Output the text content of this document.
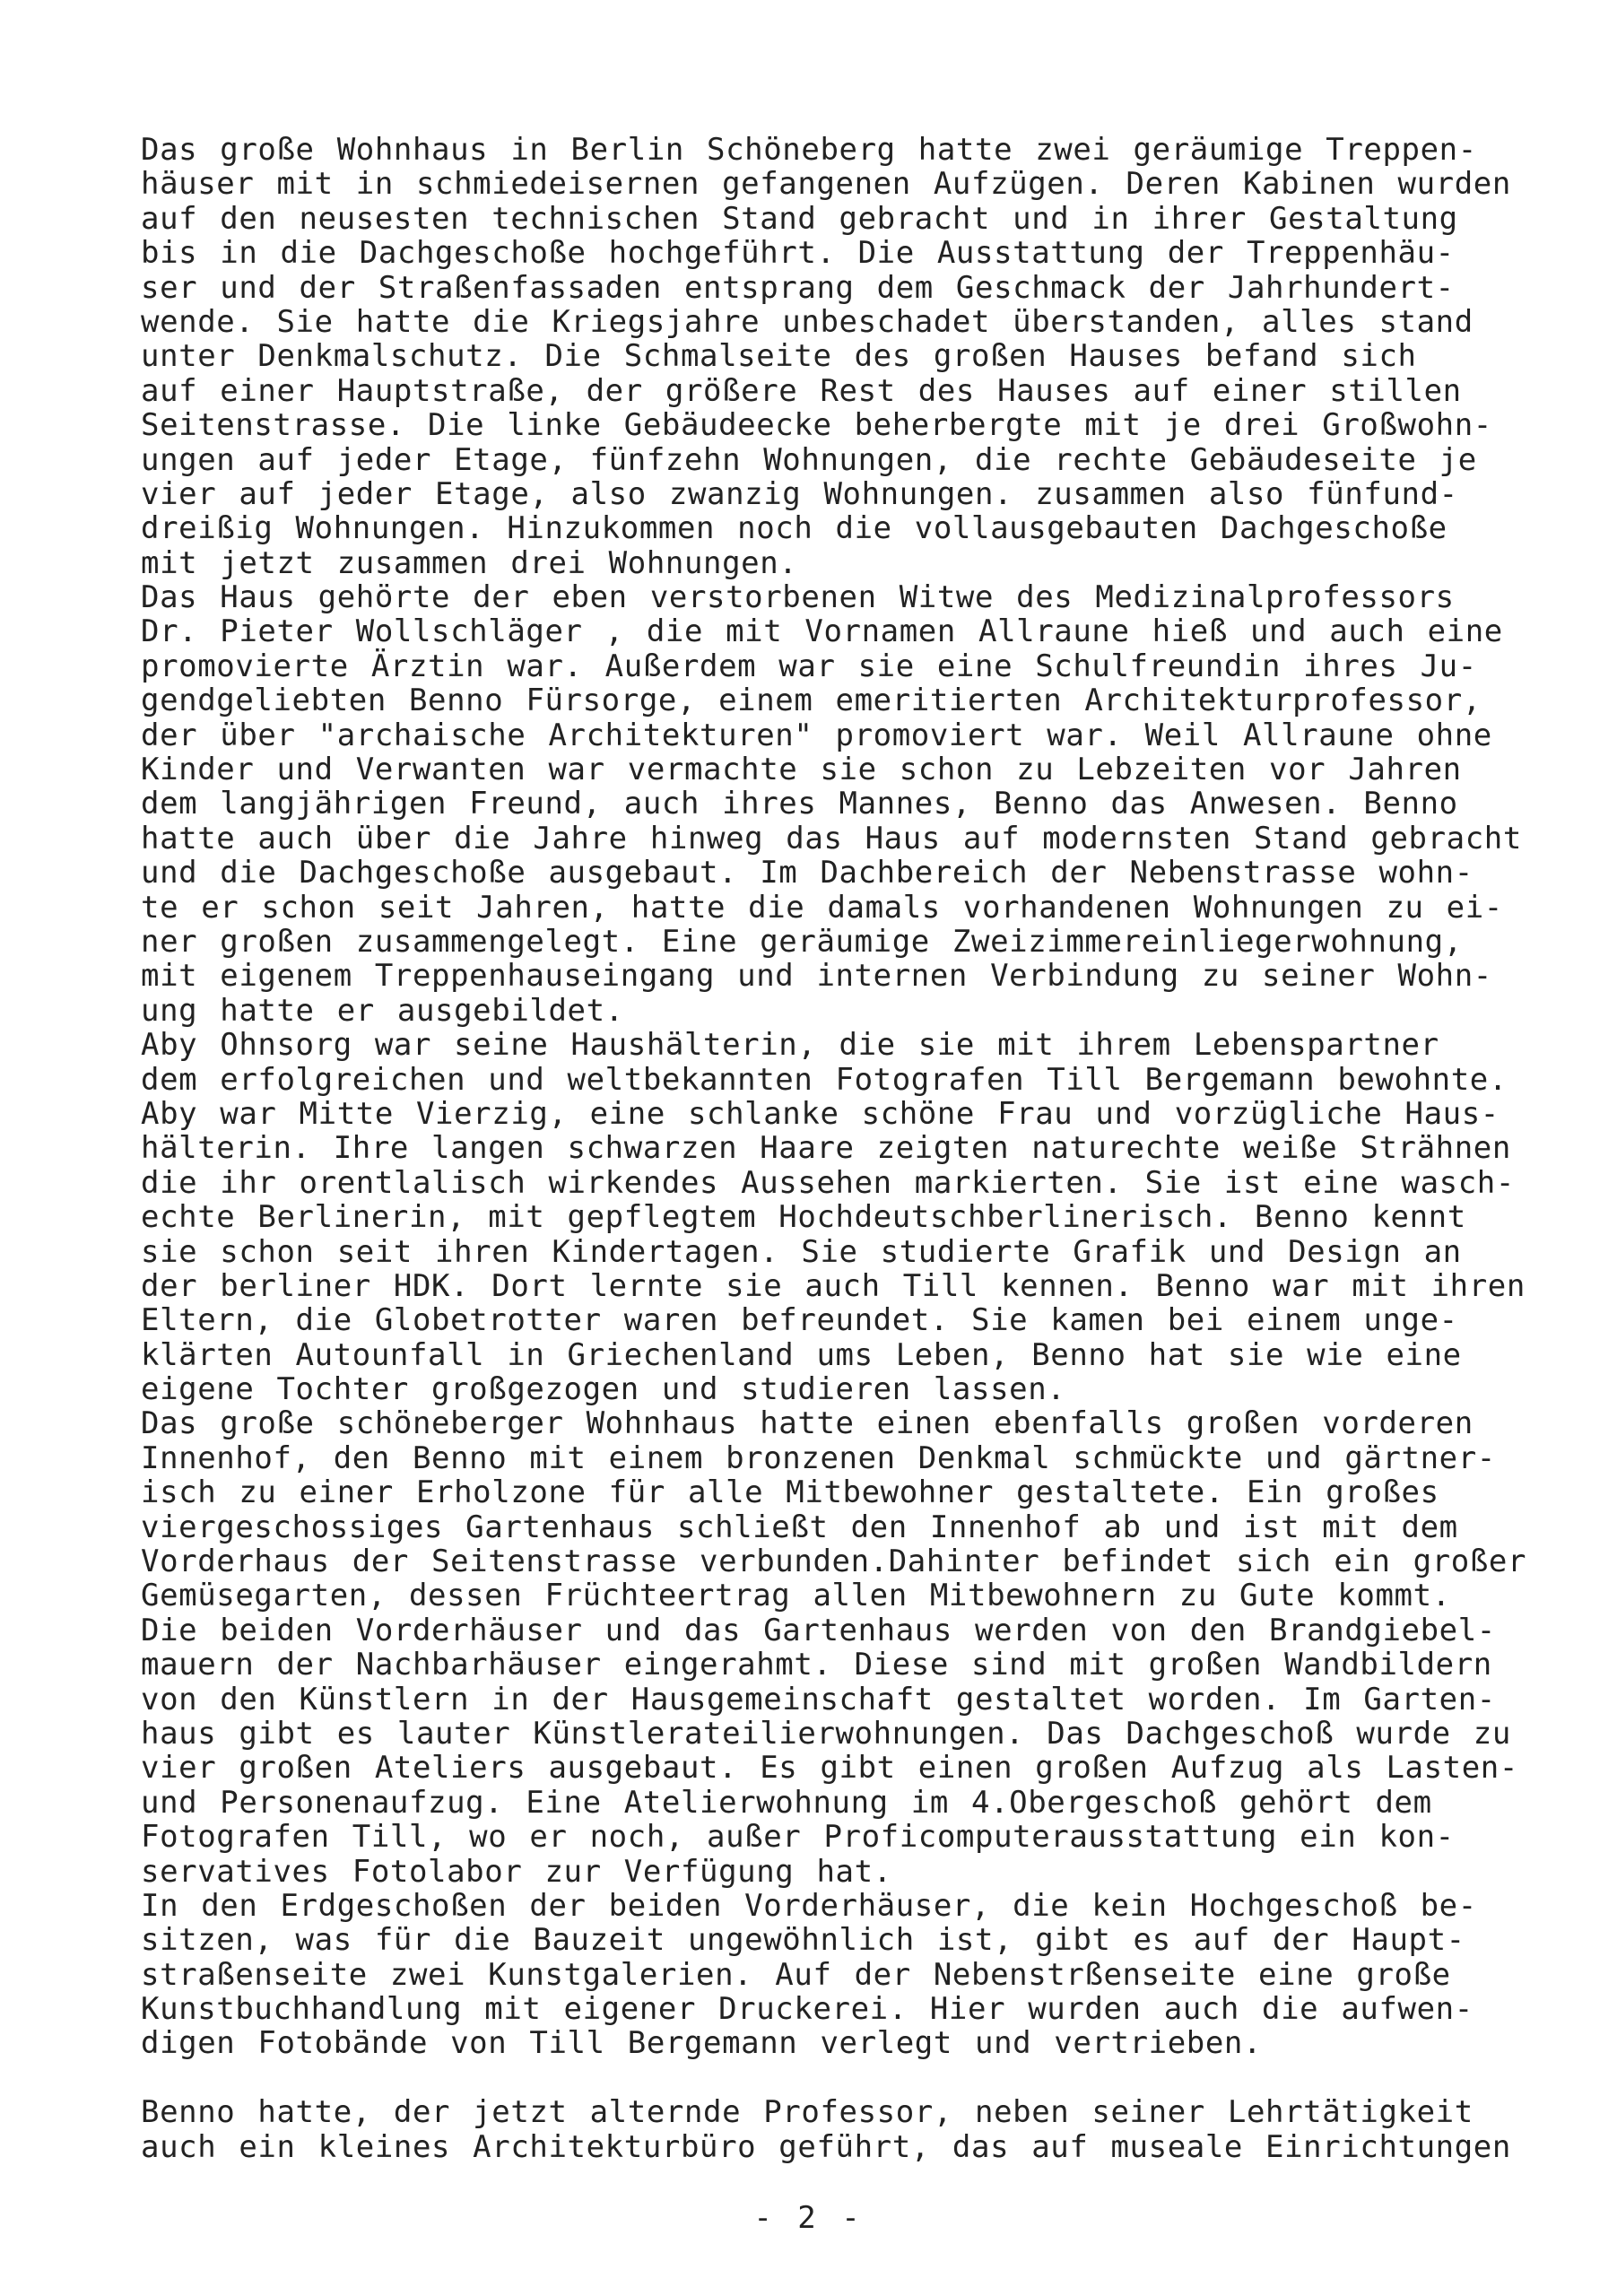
Das große Wohnhaus in Berlin Schöneberg hatte zwei geräumige Treppen-
häuser mit in schmiedeisernen gefangenen Aufzügen. Deren Kabinen wurden
auf den neusesten technischen Stand gebracht und in ihrer Gestaltung
bis in die Dachgeschoße hochgeführt. Die Ausstattung der Treppenhäu-
ser und der Straßenfassaden entsprang dem Geschmack der Jahrhundert-
wende. Sie hatte die Kriegsjahre unbeschadet überstanden, alles stand
unter Denkmalschutz. Die Schmalseite des großen Hauses befand sich
auf einer Hauptstraße, der größere Rest des Hauses auf einer stillen
Seitenstrasse. Die linke Gebäudeecke beherbergte mit je drei Großwohn-
ungen auf jeder Etage, fünfzehn Wohnungen, die rechte Gebäudeseite je
vier auf jeder Etage, also zwanzig Wohnungen. zusammen also fünfund-
dreißig Wohnungen. Hinzukommen noch die vollausgebauten Dachgeschoße
mit jetzt zusammen drei Wohnungen.
Das Haus gehörte der eben verstorbenen Witwe des Medizinalprofessors
Dr. Pieter Wollschläger , die mit Vornamen Allraune hieß und auch eine
promovierte Ärztin war. Außerdem war sie eine Schulfreundin ihres Ju-
gendgeliebten Benno Fürsorge, einem emeritierten Architekturprofessor,
der über "archaische Architekturen" promoviert war. Weil Allraune ohne
Kinder und Verwanten war vermachte sie schon zu Lebzeiten vor Jahren
dem langjährigen Freund, auch ihres Mannes, Benno das Anwesen. Benno
hatte auch über die Jahre hinweg das Haus auf modernsten Stand gebracht
und die Dachgeschoße ausgebaut. Im Dachbereich der Nebenstrasse wohn-
te er schon seit Jahren, hatte die damals vorhandenen Wohnungen zu ei-
ner großen zusammengelegt. Eine geräumige Zweizimmereinliegerwohnung,
mit eigenem Treppenhauseingang und internen Verbindung zu seiner Wohn-
ung hatte er ausgebildet.
Aby Ohnsorg war seine Haushälterin, die sie mit ihrem Lebenspartner
dem erfolgreichen und weltbekannten Fotografen Till Bergemann bewohnte.
Aby war Mitte Vierzig, eine schlanke schöne Frau und vorzügliche Haus-
hälterin. Ihre langen schwarzen Haare zeigten naturechte weiße Strähnen
die ihr orentlalisch wirkendes Aussehen markierten. Sie ist eine wasch-
echte Berlinerin, mit gepflegtem Hochdeutschberlinerisch. Benno kennt
sie schon seit ihren Kindertagen. Sie studierte Grafik und Design an
der berliner HDK. Dort lernte sie auch Till kennen. Benno war mit ihren
Eltern, die Globetrotter waren befreundet. Sie kamen bei einem unge-
klärten Autounfall in Griechenland ums Leben, Benno hat sie wie eine
eigene Tochter großgezogen und studieren lassen.
Das große schöneberger Wohnhaus hatte einen ebenfalls großen vorderen
Innenhof, den Benno mit einem bronzenen Denkmal schmückte und gärtner-
isch zu einer Erholzone für alle Mitbewohner gestaltete. Ein großes
viergeschossiges Gartenhaus schließt den Innenhof ab und ist mit dem
Vorderhaus der Seitenstrasse verbunden.Dahinter befindet sich ein großer
Gemüsegarten, dessen Früchteertrag allen Mitbewohnern zu Gute kommt.
Die beiden Vorderhäuser und das Gartenhaus werden von den Brandgiebel-
mauern der Nachbarhäuser eingerahmt. Diese sind mit großen Wandbildern
von den Künstlern in der Hausgemeinschaft gestaltet worden. Im Garten-
haus gibt es lauter Künstlerateilierwohnungen. Das Dachgeschoß wurde zu
vier großen Ateliers ausgebaut. Es gibt einen großen Aufzug als Lasten-
und Personenaufzug. Eine Atelierwohnung im 4.Obergeschoß gehört dem
Fotografen Till, wo er noch, außer Proficomputerausstattung ein kon-
servatives Fotolabor zur Verfügung hat.
In den Erdgeschoßen der beiden Vorderhäuser, die kein Hochgeschoß be-
sitzen, was für die Bauzeit ungewöhnlich ist, gibt es auf der Haupt-
straßenseite zwei Kunstgalerien. Auf der Nebenstrßenseite eine große
Kunstbuchhandlung mit eigener Druckerei. Hier wurden auch die aufwen-
digen Fotobände von Till Bergemann verlegt und vertrieben.
Benno hatte, der jetzt alternde Professor, neben seiner Lehrtätigkeit
auch ein kleines Architekturbüro geführt, das auf museale Einrichtungen
- 2 -
